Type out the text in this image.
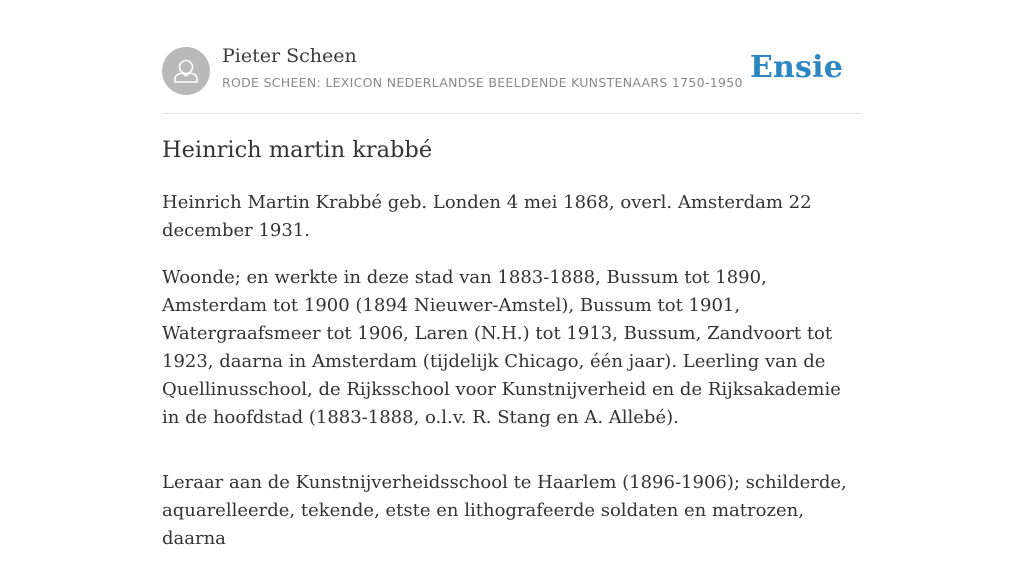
Pieter Scheen
RODE SCHEEN: LEXICON NEDERLANDSE BEELDENDE KUNSTENAARS 1750-1950 Ensie
Heinrich martin krabbé

Heinrich Martin Krabbé geb. Londen 4 mei 1868, overl. Amsterdam 22 december 1931.

Woonde; en werkte in deze stad van 1883-1888, Bussum tot 1890, Amsterdam tot 1900 (1894 Nieuwer-Amstel), Bussum tot 1901, Watergraafsmeer tot 1906, Laren (N.H.) tot 1913, Bussum, Zandvoort tot 1923, daarna in Amsterdam (tijdelijk Chicago, één jaar). Leerling van de Quellinusschool, de Rijksschool voor Kunstnijverheid en de Rijksakademie in de hoofdstad (1883-1888, o.l.v. R. Stang en A. Allebé).

Leraar aan de Kunstnijverheidsschool te Haarlem (1896-1906); schilderde, aquarelleerde, tekende, etste en lithografeerde soldaten en matrozen, daarna
